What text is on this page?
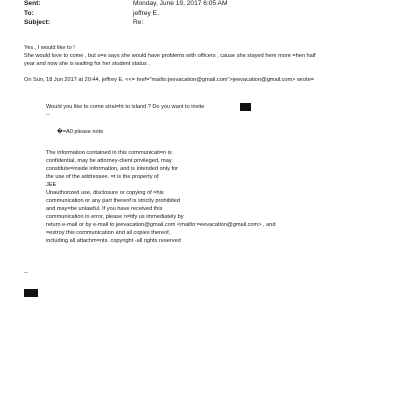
Sent:	Monday, June 19, 2017 6:05 AM
To:	jeffrey E.
Subject:	Re:
Yes , I would like to !
She would love to come , but s=e says she would have problems with officers , cause she stayed here more =hen half
year and now she is waiting for her student status .
On Sun, 18 Jun 2017 at 20:44, jeffrey E. <<= href="mailto:jeevacation@gmail.com">jeevacation@gmail.com> wrote=
Would you like to come strai=ht to island ? Do you want to invite
--
�=A0 please note
The information contained in this communicati=n is
confidential, may be attorney-client privileged, may
constitute=inside information, and is intended only for
the use of the addressee. =t is the property of
JEE
Unauthorized use, disclosure or copying of =his
communication or any part thereof is strictly prohibited
and may=be unlawful. If you have received this
communication in error, please n=tify us immediately by
return e-mail or by e-mail to jeevacation@gmail.com <mailto:=eevacation@gmail.com> , and
=estroy this communication and all copies thereof,
including all attachm=nts. copyright -all rights reserved
--
